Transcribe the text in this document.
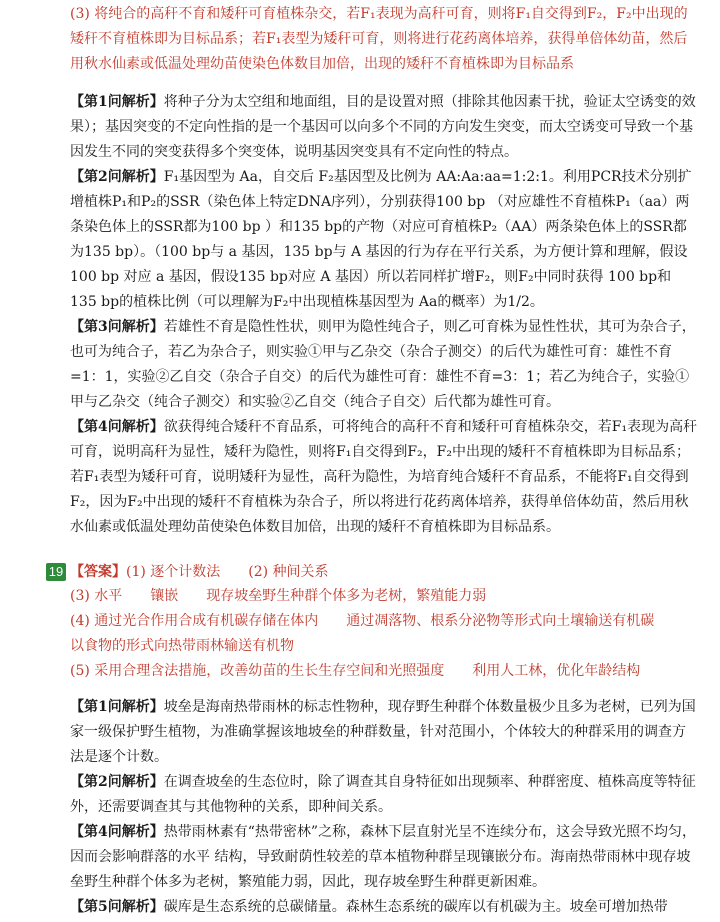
(3) 将纯合的高秆不育和矮秆可育植株杂交，若F₁表现为高秆可育，则将F₁自交得到F₂，F₂中出现的矮秆不育植株即为目标品系；若F₁表型为矮秆可育，则将进行花药离体培养，获得单倍体幼苗，然后用秋水仙素或低温处理幼苗使染色体数目加倍，出现的矮秆不育植株即为目标品系

【第1问解析】将种子分为太空组和地面组，目的是设置对照（排除其他因素干扰，验证太空诱变的效果）；基因突变的不定向性指的是一个基因可以向多个不同的方向发生突变，而太空诱变可导致一个基因发生不同的突变获得多个突变体，说明基因突变具有不定向性的特点。

【第2问解析】F₁基因型为 Aa，自交后 F₂基因型及比例为 AA:Aa:aa=1:2:1。利用PCR技术分别扩增植株P₁和P₂的SSR（染色体上特定DNA序列），分别获得100 bp （对应雄性不育植株P₁（aa）两条染色体上的SSR都为100 bp ）和135 bp的产物（对应可育植株P₂（AA）两条染色体上的SSR都为135 bp）。（100 bp与 a 基因，135 bp与 A 基因的行为存在平行关系，为方便计算和理解，假设 100 bp 对应 a 基因，假设135 bp对应 A 基因）所以若同样扩增F₂，则F₂中同时获得 100 bp和 135 bp的植株比例（可以理解为F₂中出现植株基因型为 Aa的概率）为1/2。

【第3问解析】若雄性不育是隐性性状，则甲为隐性纯合子，则乙可育株为显性性状，其可为杂合子，也可为纯合子，若乙为杂合子，则实验①甲与乙杂交（杂合子测交）的后代为雄性可育：雄性不育=1：1，实验②乙自交（杂合子自交）的后代为雄性可育：雄性不育=3：1；若乙为纯合子，实验①甲与乙杂交（纯合子测交）和实验②乙自交（纯合子自交）后代都为雄性可育。

【第4问解析】欲获得纯合矮秆不育品系，可将纯合的高秆不育和矮秆可育植株杂交，若F₁表现为高秆可育，说明高秆为显性，矮秆为隐性，则将F₁自交得到F₂，F₂中出现的矮秆不育植株即为目标品系；若F₁表型为矮秆可育，说明矮秆为显性，高秆为隐性，为培育纯合矮秆不育品系，不能将F₁自交得到F₂，因为F₂中出现的矮秆不育植株为杂合子，所以将进行花药离体培养，获得单倍体幼苗，然后用秋水仙素或低温处理幼苗使染色体数目加倍，出现的矮秆不育植株即为目标品系。

19 【答案】(1) 逐个计数法 (2) 种间关系
(3) 水平 镶嵌 现存坡垒野生种群个体多为老树，繁殖能力弱
(4) 通过光合作用合成有机碳存储在体内 通过凋落物、根系分泌物等形式向土壤输送有机碳
以食物的形式向热带雨林输送有机物
(5) 采用合理含法措施，改善幼苗的生长生存空间和光照强度 利用人工林，优化年龄结构

【第1问解析】坡垒是海南热带雨林的标志性物种，现存野生种群个体数量极少且多为老树，已列为国家一级保护野生植物，为准确掌握该地坡垒的种群数量，针对范围小，个体较大的种群采用的调查方法是逐个计数。

【第2问解析】在调查坡垒的生态位时，除了调查其自身特征如出现频率、种群密度、植株高度等特征外，还需要调查其与其他物种的关系，即种间关系。

【第4问解析】热带雨林素有“热带密林”之称，森林下层直射光呈不连续分布，这会导致光照不均匀，因而会影响群落的水平 结构，导致耐荫性较差的草本植物种群呈现镶嵌分布。海南热带雨林中现存坡垒野生种群个体多为老树，繁殖能力弱，因此，现存坡垒野生种群更新困难。

【第5问解析】碳库是生态系统的总碳储量。森林生态系统的碳库以有机碳为主。坡垒可增加热带
